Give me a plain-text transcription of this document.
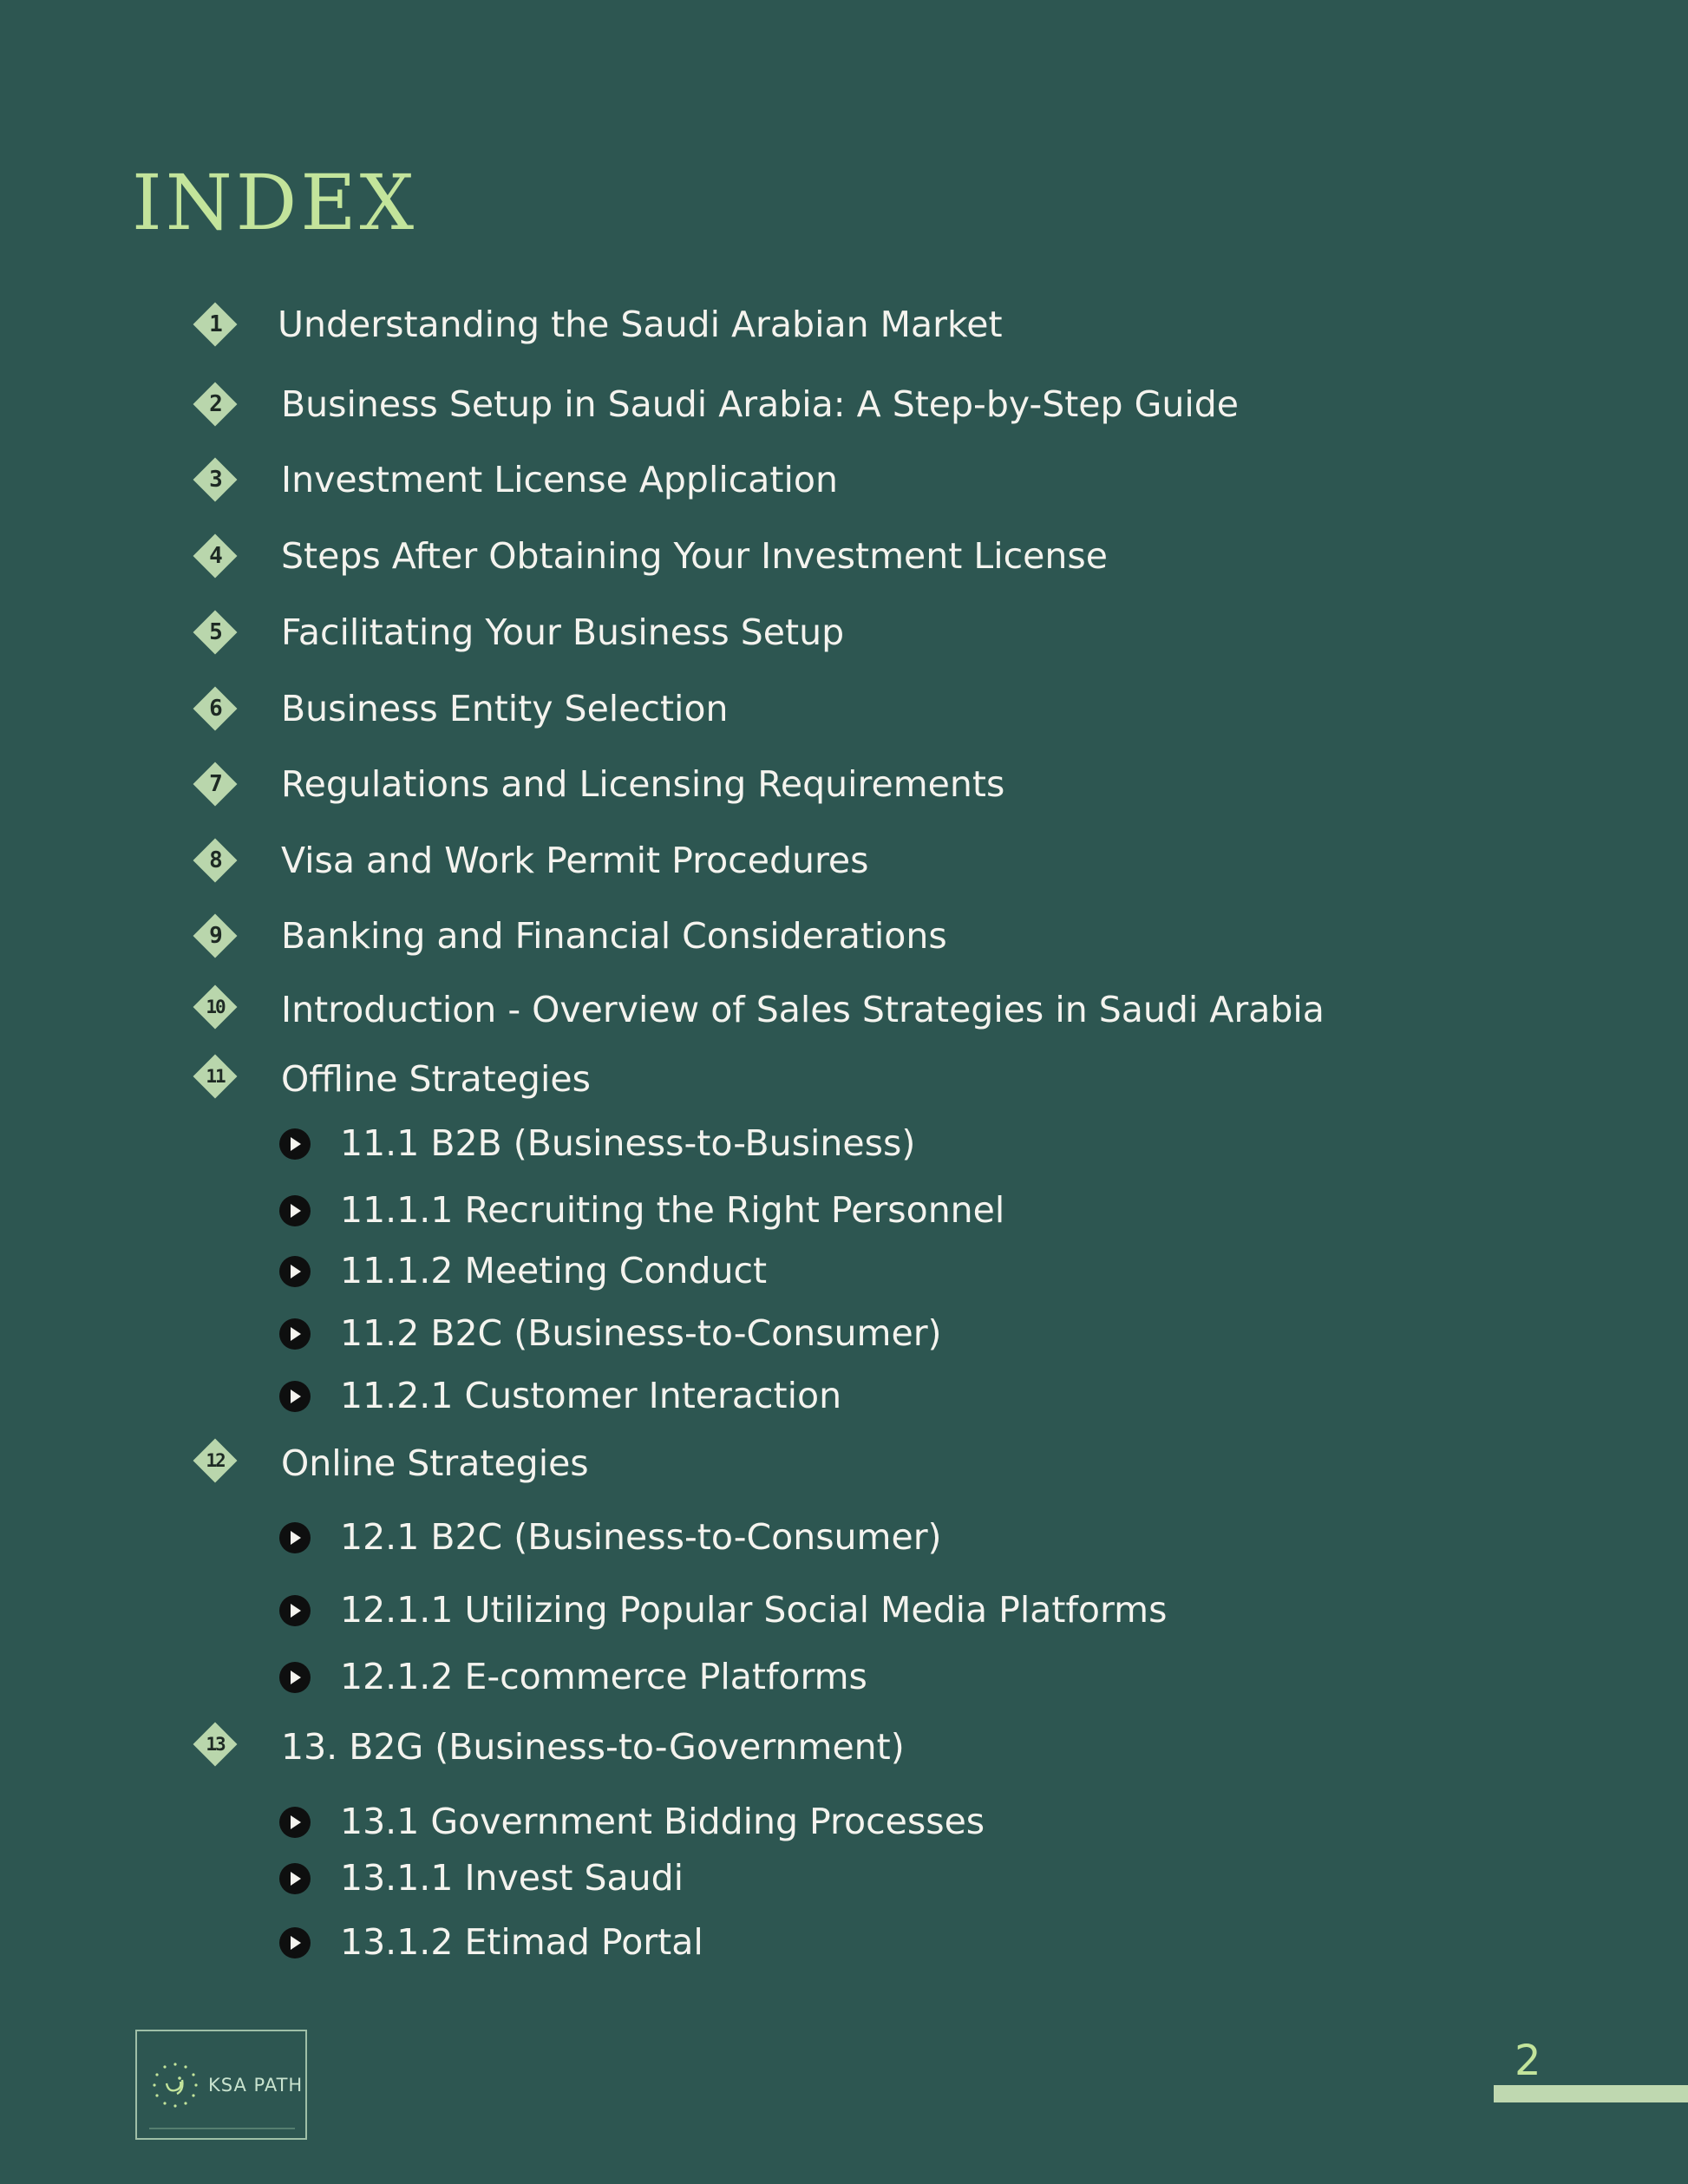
INDEX
1	Understanding the Saudi Arabian Market
2	Business Setup in Saudi Arabia: A Step-by-Step Guide
3	Investment License Application
4	Steps After Obtaining Your Investment License
5	Facilitating Your Business Setup
6	Business Entity Selection
7	Regulations and Licensing Requirements
8	Visa and Work Permit Procedures
9	Banking and Financial Considerations
10	Introduction - Overview of Sales Strategies in Saudi Arabia
11	Offline Strategies
11.1 B2B (Business-to-Business)
11.1.1 Recruiting the Right Personnel
11.1.2 Meeting Conduct
11.2 B2C (Business-to-Consumer)
11.2.1 Customer Interaction
12	Online Strategies
12.1 B2C (Business-to-Consumer)
12.1.1 Utilizing Popular Social Media Platforms
12.1.2 E-commerce Platforms
13	13. B2G (Business-to-Government)
13.1 Government Bidding Processes
13.1.1 Invest Saudi
13.1.2 Etimad Portal
KSA PATH	2
